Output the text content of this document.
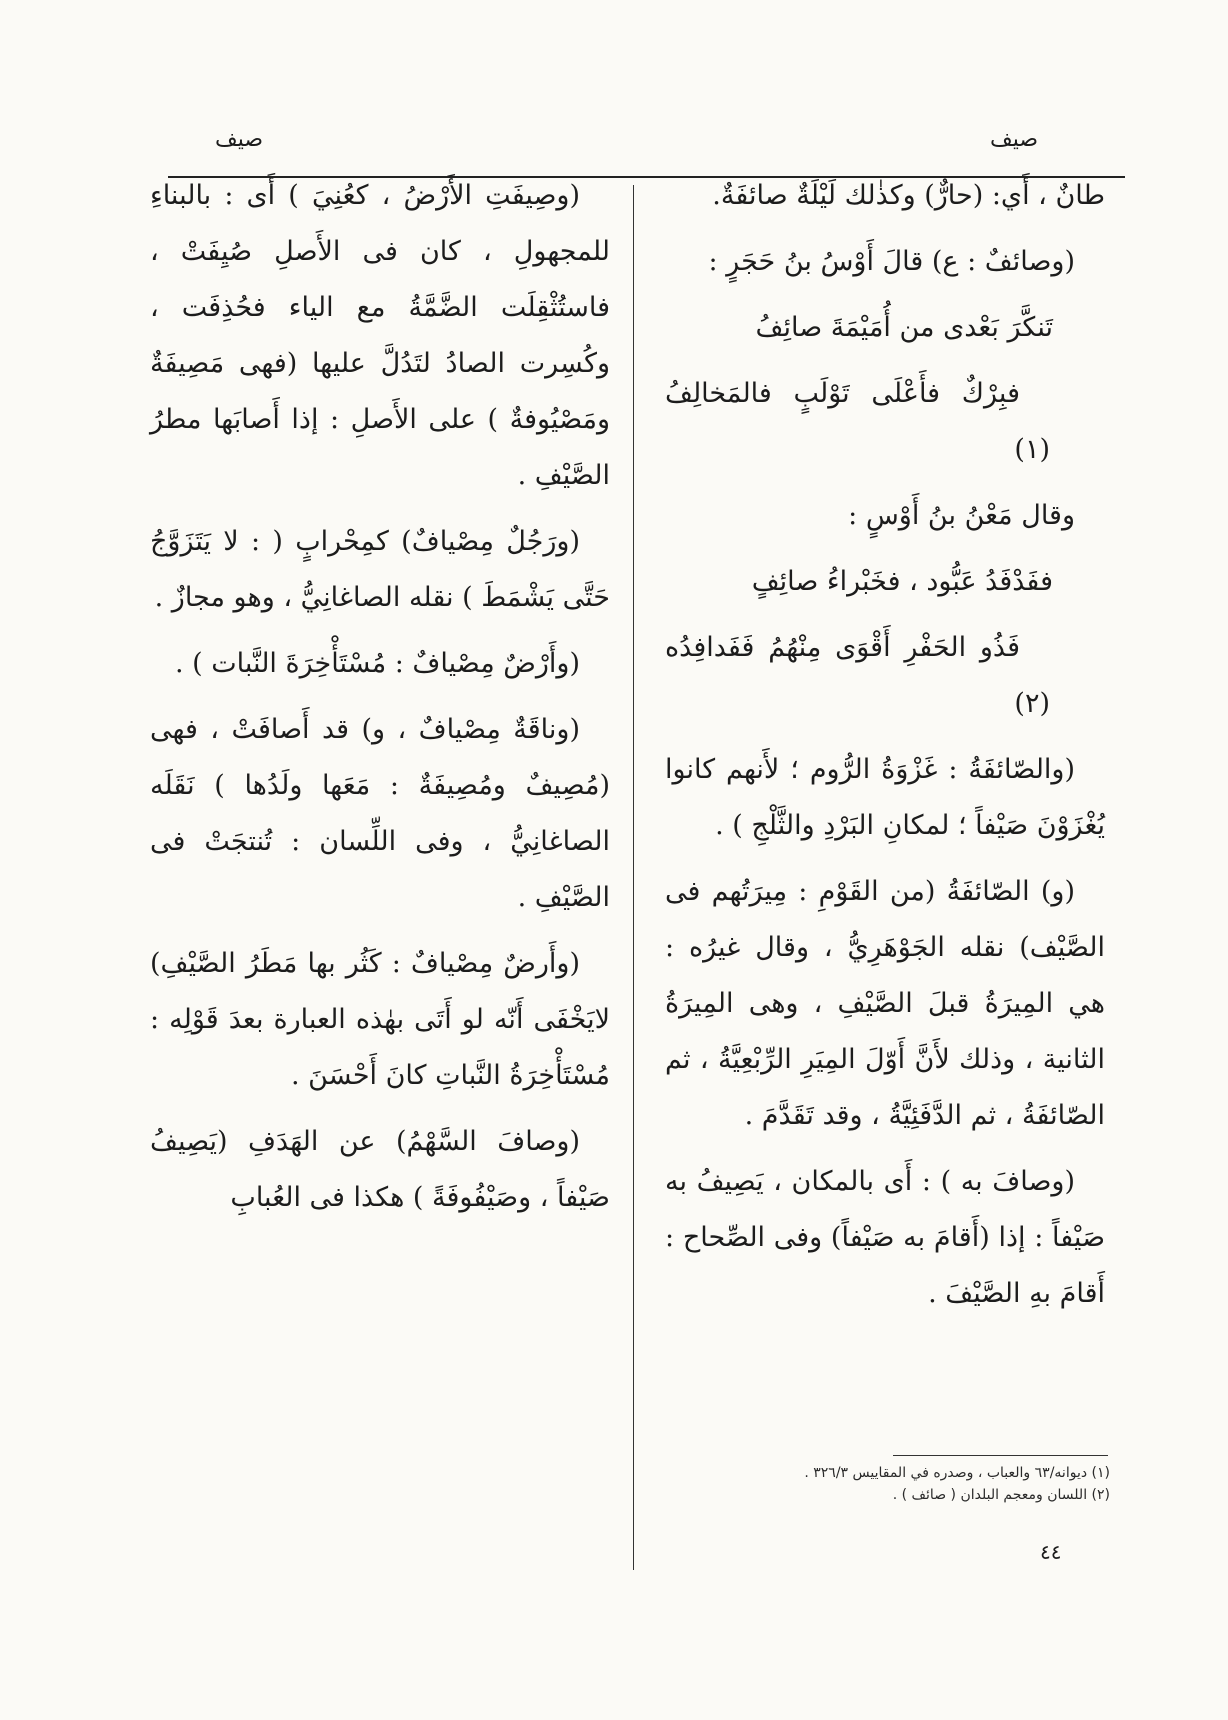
صيف
صيف

طانٌ ، أَي: (حارٌّ) وكذٰلك لَيْلَةٌ صائفَةٌ.

(وصائفٌ : ع) قالَ أَوْسُ بنُ حَجَرٍ :

تَنكَّرَ بَعْدى من أُمَيْمَةَ صائِفُ

فبِرْكٌ فأَعْلَى تَوْلَبٍ فالمَخالِفُ (١)

وقال مَعْنُ بنُ أَوْسٍ :

ففَدْفَدُ عَبُّود ، فخَبْراءُ صائِفٍ

فَذُو الحَفْرِ أَقْوَى مِنْهُمُ فَفَدافِدُه (٢)

(والصّائفَةُ : غَزْوَةُ الرُّوم ؛ لأَنهم كانوا يُغْزَوْنَ صَيْفاً ؛ لمكانِ البَرْدِ والثَّلْجِ ) .

(و) الصّائفَةُ (من القَوْمِ : مِيرَتُهم فى الصَّيْف) نقله الجَوْهَرِيُّ ، وقال غيرُه : هي المِيرَةُ قبلَ الصَّيْفِ ، وهى المِيرَةُ الثانية ، وذلك لأَنَّ أَوّلَ المِيَرِ الرِّبْعِيَّةُ ، ثم الصّائفَةُ ، ثم الدَّفَئِيَّةُ ، وقد تَقَدَّمَ .

(وصافَ به ) : أَى بالمكان ، يَصِيفُ به صَيْفاً : إذا (أَقامَ به صَيْفاً) وفى الصِّحاح : أَقامَ بهِ الصَّيْفَ .

(وصِيفَتِ الأَرْضُ ، كعُنِيَ ) أَى : بالبناءِ للمجهولِ ، كان فى الأَصلِ صُيِفَتْ ، فاستُثْقِلَت الضَّمَّةُ مع الياء فحُذِفَت ، وكُسِرت الصادُ لتَدُلَّ عليها (فهى مَصِيفَةٌ ومَصْيُوفةٌ ) على الأَصلِ : إذا أَصابَها مطرُ الصَّيْفِ .

(ورَجُلٌ مِصْيافٌ) كمِحْرابٍ ( : لا يَتَزَوَّجُ حَتَّى يَشْمَطَ ) نقله الصاغانِيُّ ، وهو مجازٌ .

(وأَرْضٌ مِصْيافٌ : مُسْتَأْخِرَةَ النَّبات ) .

(وناقَةٌ مِصْيافٌ ، و) قد أَصافَتْ ، فهى (مُصِيفٌ ومُصِيفَةٌ : مَعَها ولَدُها ) نَقَلَه الصاغانِيُّ ، وفى اللِّسان : تُنتجَتْ فى الصَّيْفِ .

(وأَرضٌ مِصْيافٌ : كَثُر بها مَطَرُ الصَّيْفِ) لايَخْفَى أَنّه لو أَتَى بهٰذه العبارة بعدَ قَوْلِه : مُسْتَأْخِرَةُ النَّباتِ كانَ أَحْسَنَ .

(وصافَ السَّهْمُ) عن الهَدَفِ (يَصِيفُ صَيْفاً ، وصَيْفُوفَةً ) هكذا فى العُبابِ

(١) ديوانه/٦٣ والعباب ، وصدره في المقاييس ٣٢٦/٣ .
(٢) اللسان ومعجم البلدان ( صائف ) .
٤٤
